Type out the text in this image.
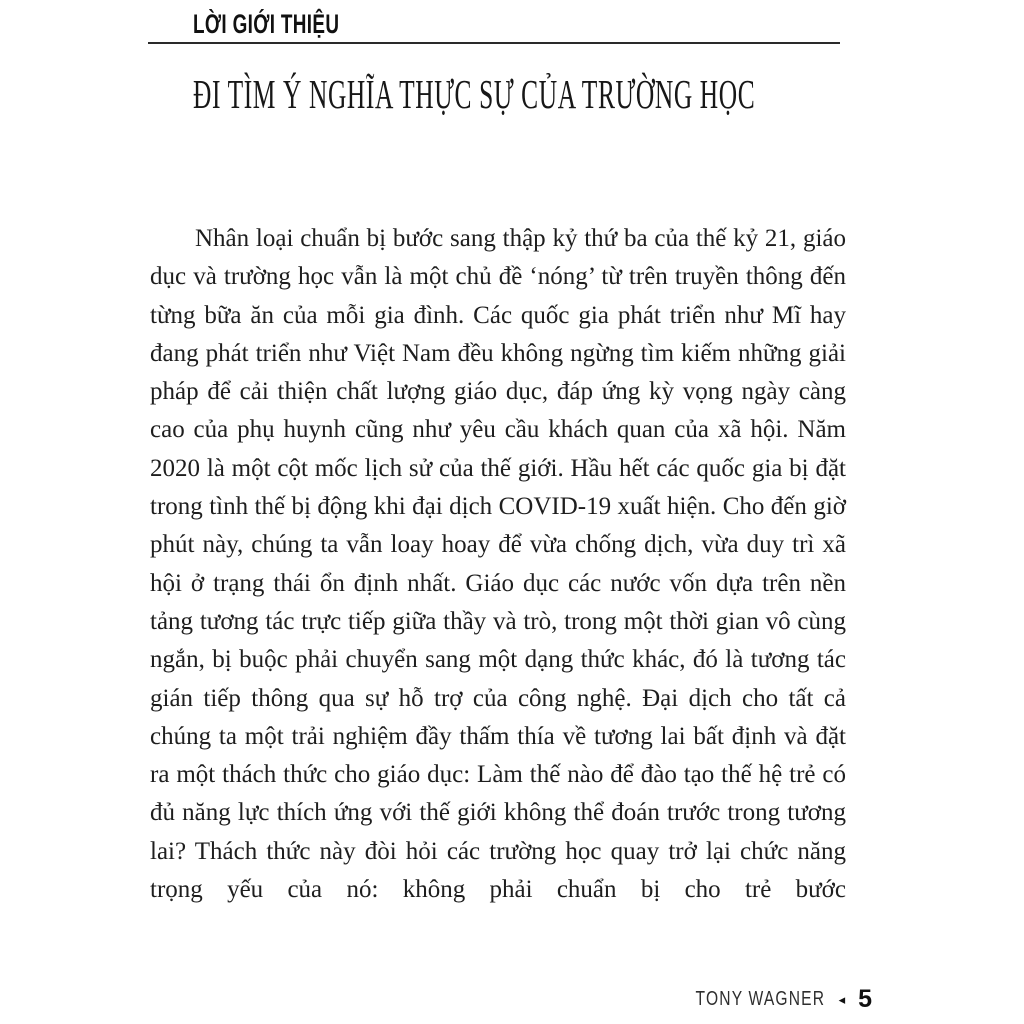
LỜI GIỚI THIỆU
ĐI TÌM Ý NGHĨA THỰC SỰ CỦA TRƯỜNG HỌC

Nhân loại chuẩn bị bước sang thập kỷ thứ ba của thế kỷ 21, giáo dục và trường học vẫn là một chủ đề ‘nóng’ từ trên truyền thông đến từng bữa ăn của mỗi gia đình. Các quốc gia phát triển như Mĩ hay đang phát triển như Việt Nam đều không ngừng tìm kiếm những giải pháp để cải thiện chất lượng giáo dục, đáp ứng kỳ vọng ngày càng cao của phụ huynh cũng như yêu cầu khách quan của xã hội. Năm 2020 là một cột mốc lịch sử của thế giới. Hầu hết các quốc gia bị đặt trong tình thế bị động khi đại dịch COVID-19 xuất hiện. Cho đến giờ phút này, chúng ta vẫn loay hoay để vừa chống dịch, vừa duy trì xã hội ở trạng thái ổn định nhất. Giáo dục các nước vốn dựa trên nền tảng tương tác trực tiếp giữa thầy và trò, trong một thời gian vô cùng ngắn, bị buộc phải chuyển sang một dạng thức khác, đó là tương tác gián tiếp thông qua sự hỗ trợ của công nghệ. Đại dịch cho tất cả chúng ta một trải nghiệm đầy thấm thía về tương lai bất định và đặt ra một thách thức cho giáo dục: Làm thế nào để đào tạo thế hệ trẻ có đủ năng lực thích ứng với thế giới không thể đoán trước trong tương lai? Thách thức này đòi hỏi các trường học quay trở lại chức năng trọng yếu của nó: không phải chuẩn bị cho trẻ bước

TONY WAGNER ◂ 5
